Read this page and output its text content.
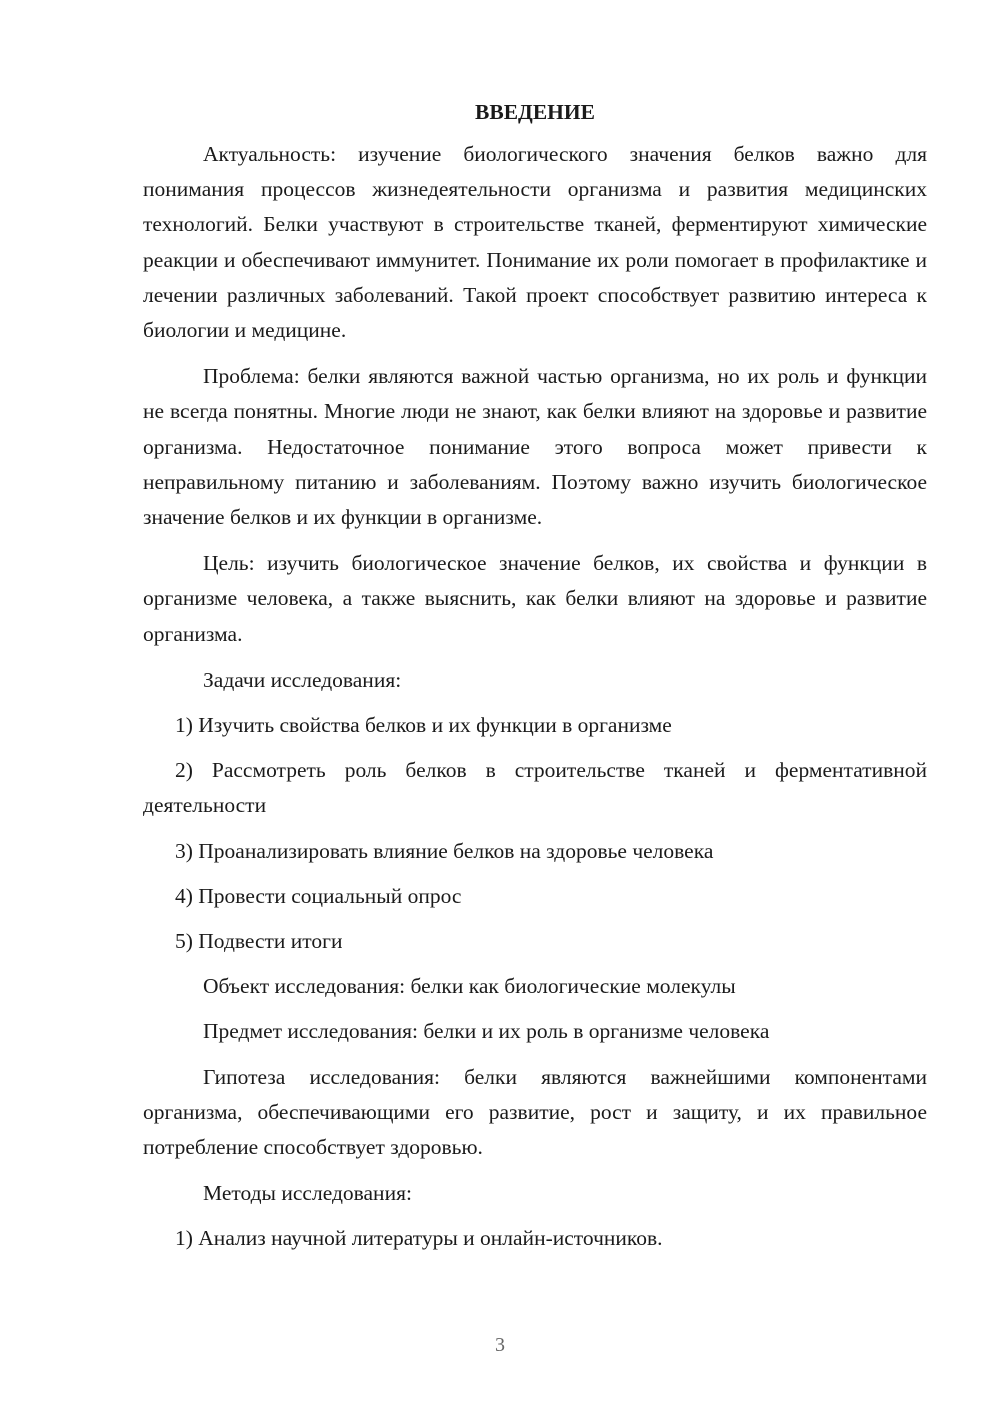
ВВЕДЕНИЕ

Актуальность: изучение биологического значения белков важно для понимания процессов жизнедеятельности организма и развития медицинских технологий. Белки участвуют в строительстве тканей, ферментируют химические реакции и обеспечивают иммунитет. Понимание их роли помогает в профилактике и лечении различных заболеваний. Такой проект способствует развитию интереса к биологии и медицине.

Проблема: белки являются важной частью организма, но их роль и функции не всегда понятны. Многие люди не знают, как белки влияют на здоровье и развитие организма. Недостаточное понимание этого вопроса может привести к неправильному питанию и заболеваниям. Поэтому важно изучить биологическое значение белков и их функции в организме.

Цель: изучить биологическое значение белков, их свойства и функции в организме человека, а также выяснить, как белки влияют на здоровье и развитие организма.

Задачи исследования:

1) Изучить свойства белков и их функции в организме

2) Рассмотреть роль белков в строительстве тканей и ферментативной деятельности

3) Проанализировать влияние белков на здоровье человека

4) Провести социальный опрос

5) Подвести итоги

Объект исследования: белки как биологические молекулы

Предмет исследования: белки и их роль в организме человека

Гипотеза исследования: белки являются важнейшими компонентами организма, обеспечивающими его развитие, рост и защиту, и их правильное потребление способствует здоровью.

Методы исследования:

1) Анализ научной литературы и онлайн-источников.

3
